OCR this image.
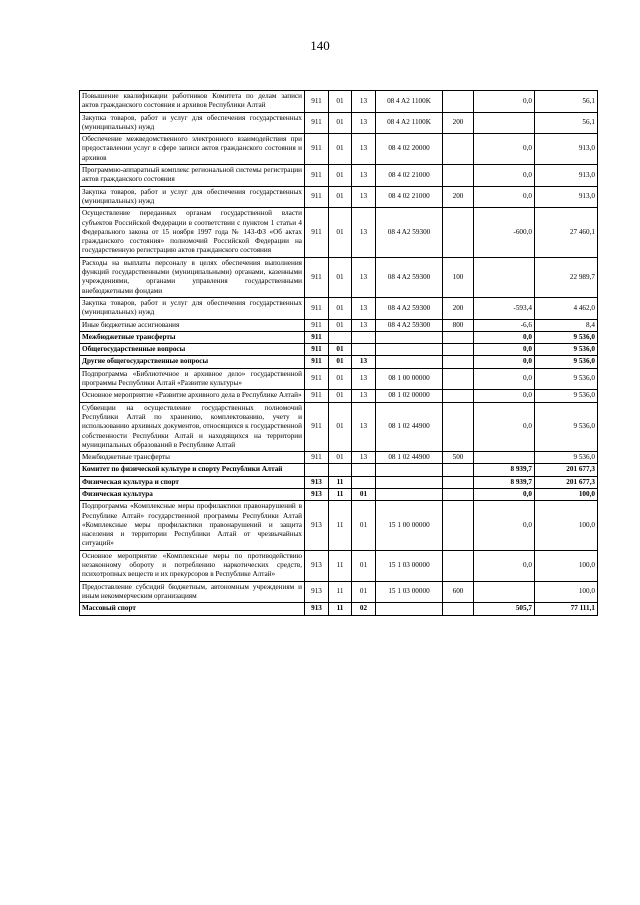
140
Повышение квалификации работников Комитета по делам записи актов гражданского состояния и архивов Республики Алтай	911	01	13	08 4 A2 1100K		0,0	56,1
Закупка товаров, работ и услуг для обеспечения государственных (муниципальных) нужд	911	01	13	08 4 A2 1100K	200		56,1
Обеспечение межведомственного электронного взаимодействия при предоставлении услуг в сфере записи актов гражданского состояния и архивов	911	01	13	08 4 02 20000		0,0	913,0
Программно-аппаратный комплекс региональной системы регистрации актов гражданского состояния	911	01	13	08 4 02 21000		0,0	913,0
Закупка товаров, работ и услуг для обеспечения государственных (муниципальных) нужд	911	01	13	08 4 02 21000	200	0,0	913,0
Осуществление переданных органам государственной власти субъектов Российской Федерации в соответствии с пунктом 1 статьи 4 Федерального закона от 15 ноября 1997 года № 143-ФЗ «Об актах гражданского состояния» полномочий Российской Федерации на государственную регистрацию актов гражданского состояния	911	01	13	08 4 A2 59300		-600,0	27 460,1
Расходы на выплаты персоналу в целях обеспечения выполнения функций государственными (муниципальными) органами, казенными учреждениями, органами управления государственными внебюджетными фондами	911	01	13	08 4 A2 59300	100		22 989,7
Закупка товаров, работ и услуг для обеспечения государственных (муниципальных) нужд	911	01	13	08 4 A2 59300	200	-593,4	4 462,0
Иные бюджетные ассигнования	911	01	13	08 4 A2 59300	800	-6,6	8,4
Межбюджетные трансферты	911					0,0	9 536,0
Общегосударственные вопросы	911	01				0,0	9 536,0
Другие общегосударственные вопросы	911	01	13			0,0	9 536,0
Подпрограмма «Библиотечное и архивное дело» государственной программы Республики Алтай «Развитие культуры»	911	01	13	08 1 00 00000		0,0	9 536,0
Основное мероприятие «Развитие архивного дела в Республике Алтай»	911	01	13	08 1 02 00000		0,0	9 536,0
Субвенции на осуществление государственных полномочий Республики Алтай по хранению, комплектованию, учету и использованию архивных документов, относящихся к государственной собственности Республики Алтай и находящихся на территории муниципальных образований в Республике Алтай	911	01	13	08 1 02 44900		0,0	9 536,0
Межбюджетные трансферты	911	01	13	08 1 02 44900	500		9 536,0
Комитет по физической культуре и спорту Республики Алтай						8 939,7	201 677,3
Физическая культура и спорт	913	11				8 939,7	201 677,3
Физическая культура	913	11	01			0,0	100,0
Подпрограмма «Комплексные меры профилактики правонарушений в Республике Алтай» государственной программы Республики Алтай «Комплексные меры профилактики правонарушений и защита населения и территории Республики Алтай от чрезвычайных ситуаций»	913	11	01	15 1 00 00000		0,0	100,0
Основное мероприятие «Комплексные меры по противодействию незаконному обороту и потреблению наркотических средств, психотропных веществ и их прекурсоров в Республике Алтай»	913	11	01	15 1 03 00000		0,0	100,0
Предоставление субсидий бюджетным, автономным учреждениям и иным некоммерческим организациям	913	11	01	15 1 03 00000	600		100,0
Массовый спорт	913	11	02			505,7	77 111,1
